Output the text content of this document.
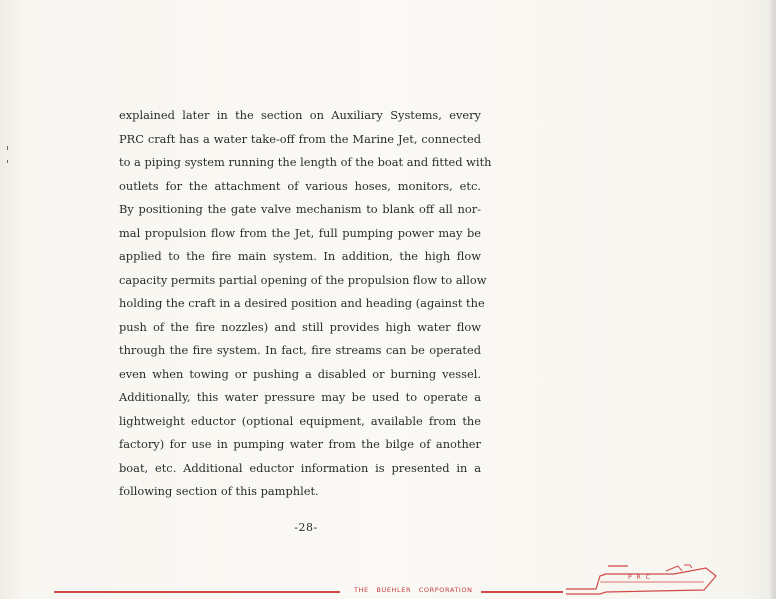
explained later in the section on Auxiliary Systems, every
PRC craft has a water take-off from the Marine Jet, connected
to a piping system running the length of the boat and fitted with
outlets for the attachment of various hoses, monitors, etc.
By positioning the gate valve mechanism to blank off all nor-
mal propulsion flow from the Jet, full pumping power may be
applied to the fire main system. In addition, the high flow
capacity permits partial opening of the propulsion flow to allow
holding the craft in a desired position and heading (against the
push of the fire nozzles) and still provides high water flow
through the fire system. In fact, fire streams can be operated
even when towing or pushing a disabled or burning vessel.
Additionally, this water pressure may be used to operate a
lightweight eductor (optional equipment, available from the
factory) for use in pumping water from the bilge of another
boat, etc. Additional eductor information is presented in a
following section of this pamphlet.
-28-
THE BUEHLER CORPORATION
P R C
